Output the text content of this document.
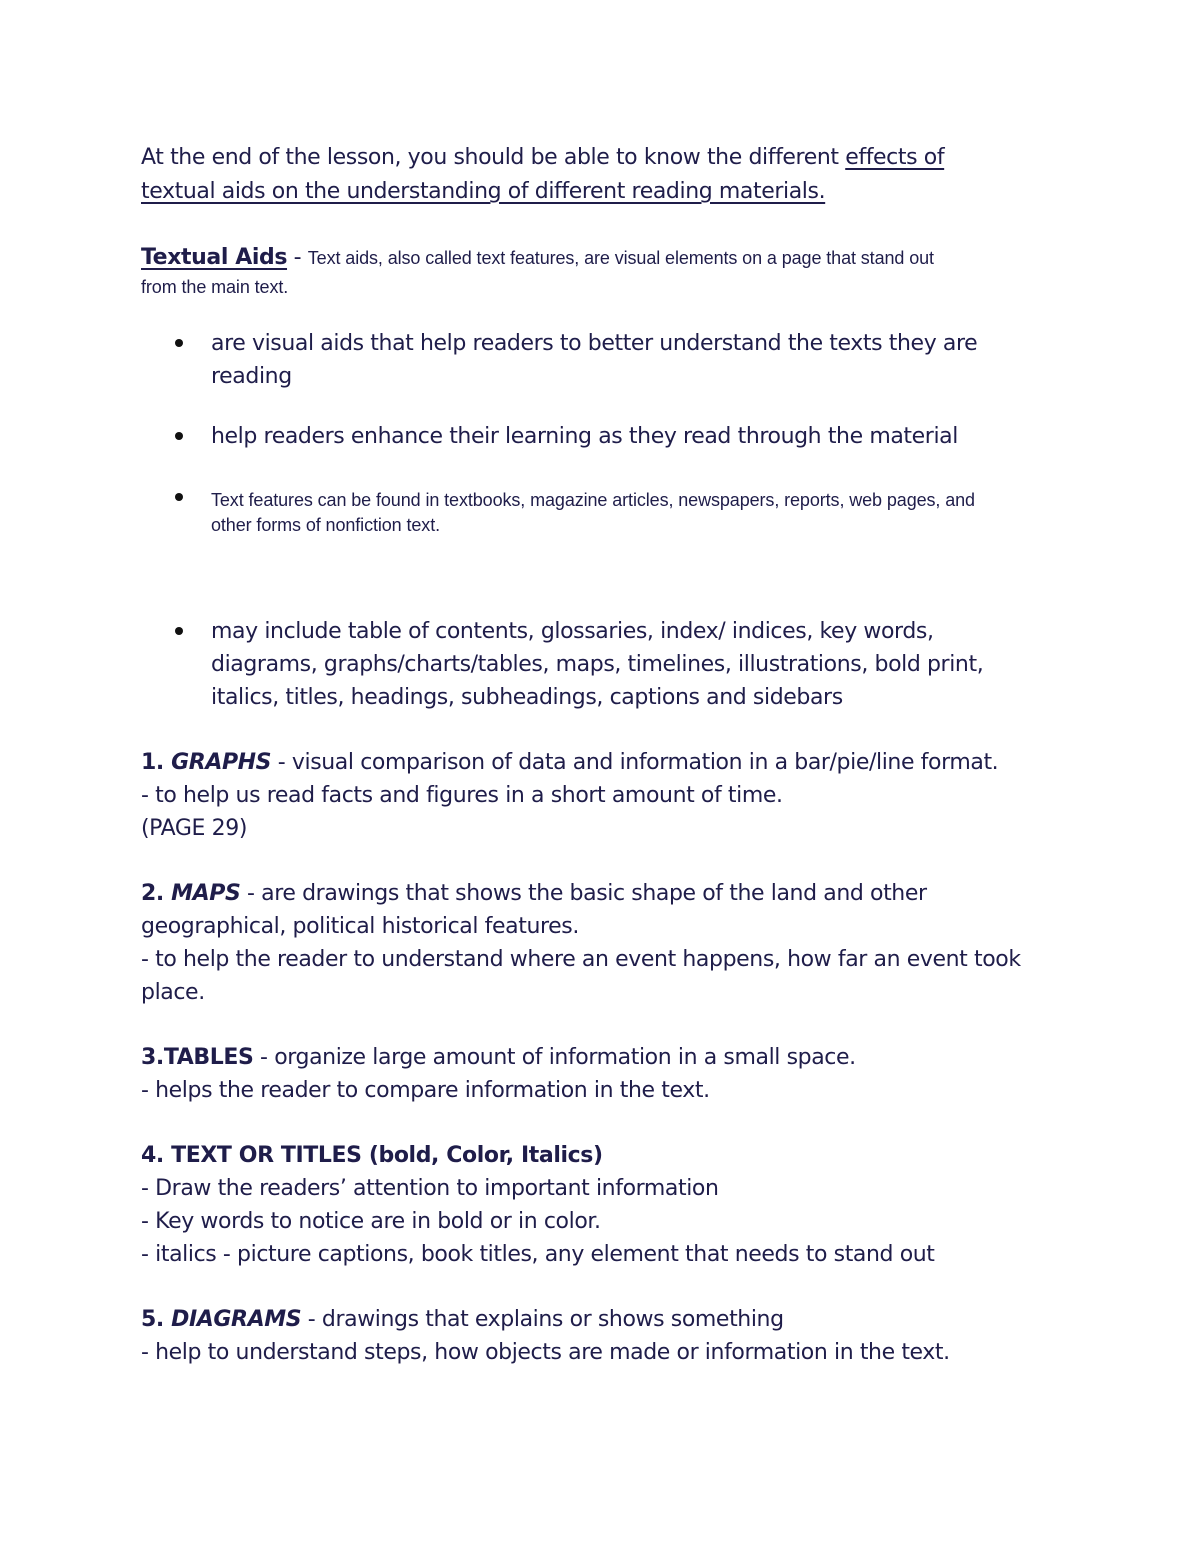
At the end of the lesson, you should be able to know the different effects of
textual aids on the understanding of different reading materials.
Textual Aids - Text aids, also called text features, are visual elements on a page that stand out
from the main text.
are visual aids that help readers to better understand the texts they are
reading
help readers enhance their learning as they read through the material
Text features can be found in textbooks, magazine articles, newspapers, reports, web pages, and
other forms of nonfiction text.
may include table of contents, glossaries, index/ indices, key words,
diagrams, graphs/charts/tables, maps, timelines, illustrations, bold print,
italics, titles, headings, subheadings, captions and sidebars
1. GRAPHS - visual comparison of data and information in a bar/pie/line format.
- to help us read facts and figures in a short amount of time.
(PAGE 29)
2. MAPS - are drawings that shows the basic shape of the land and other
geographical, political historical features.
- to help the reader to understand where an event happens, how far an event took
place.
3.TABLES - organize large amount of information in a small space.
- helps the reader to compare information in the text.
4. TEXT OR TITLES (bold, Color, Italics)
- Draw the readers’ attention to important information
- Key words to notice are in bold or in color.
- italics - picture captions, book titles, any element that needs to stand out
5. DIAGRAMS - drawings that explains or shows something
- help to understand steps, how objects are made or information in the text.
